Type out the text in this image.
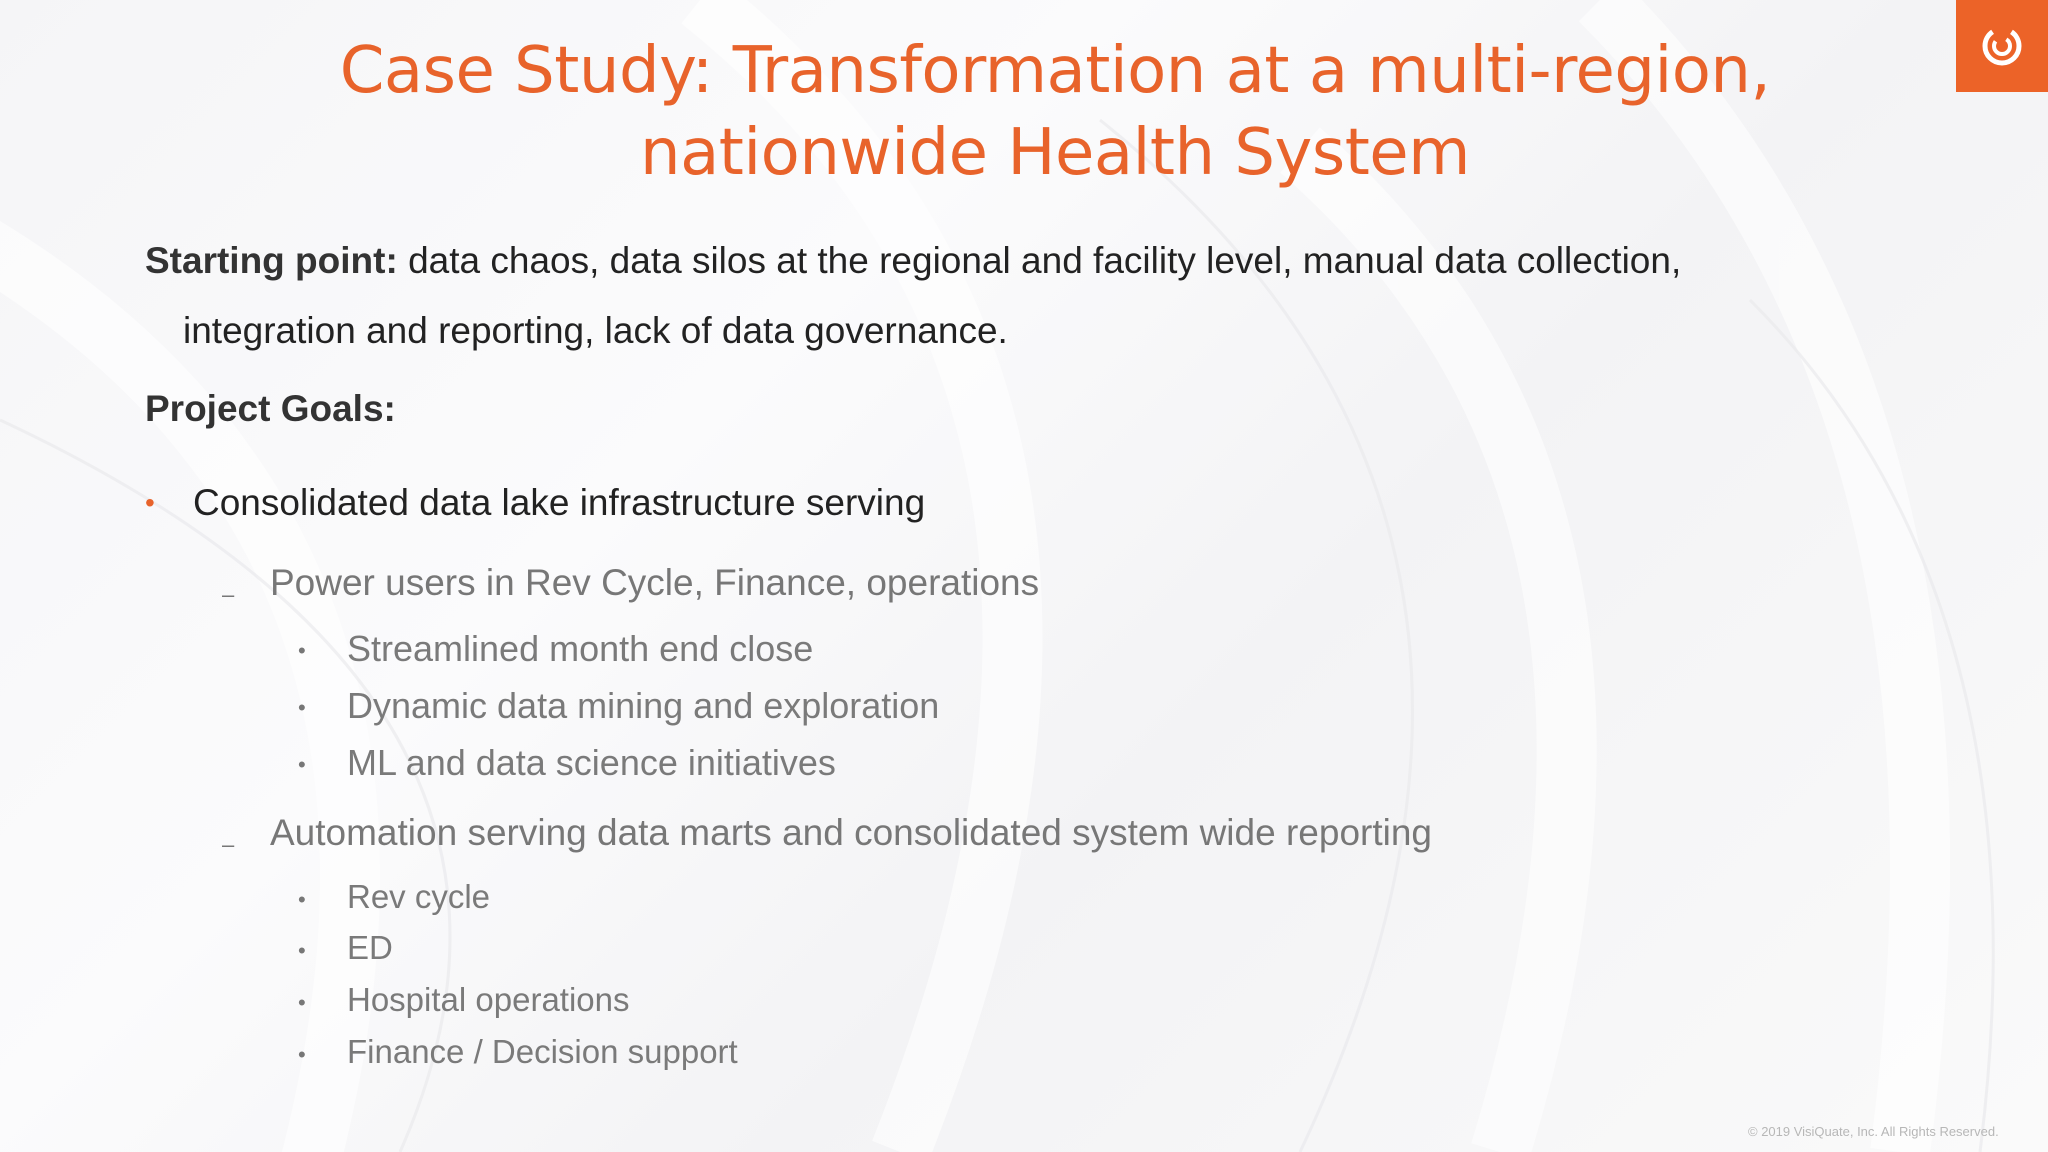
Case Study: Transformation at a multi-region,
nationwide Health System
Starting point: data chaos, data silos at the regional and facility level, manual data collection,
integration and reporting, lack of data governance.
Project Goals:
• Consolidated data lake infrastructure serving
– Power users in Rev Cycle, Finance, operations
• Streamlined month end close
• Dynamic data mining and exploration
• ML and data science initiatives
– Automation serving data marts and consolidated system wide reporting
• Rev cycle
• ED
• Hospital operations
• Finance / Decision support
© 2019 VisiQuate, Inc. All Rights Reserved.
